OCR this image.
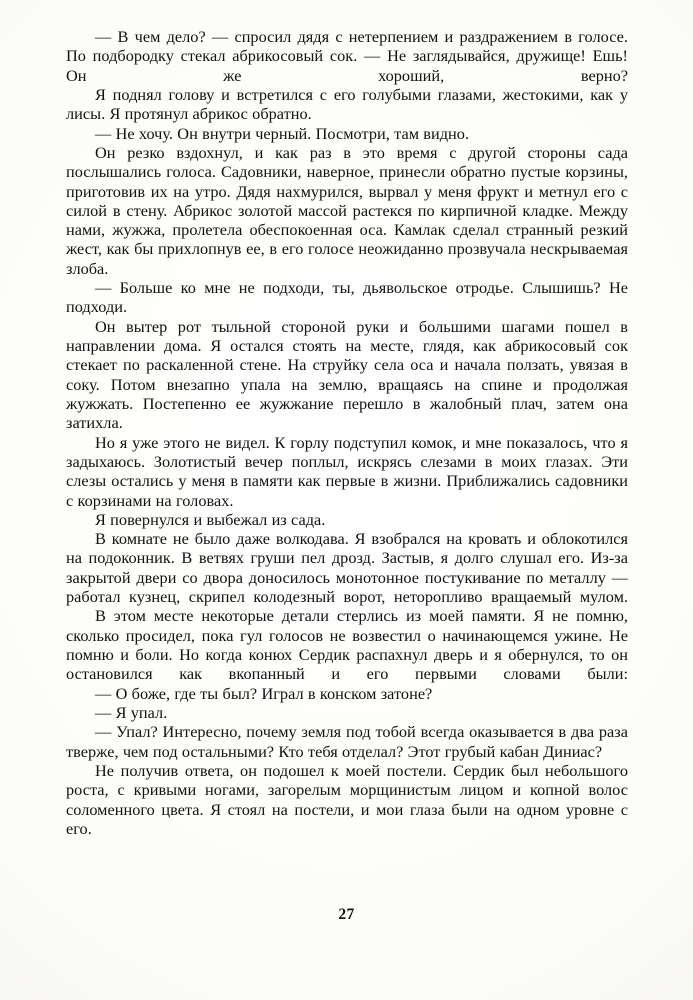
— В чем дело? — спросил дядя с нетерпением и раздражением в голосе. По подбородку стекал абрикосовый сок. — Не заглядывайся, дружище! Ешь! Он же хороший, верно?

Я поднял голову и встретился с его голубыми глазами, жестокими, как у лисы. Я протянул абрикос обратно.

— Не хочу. Он внутри черный. Посмотри, там видно.

Он резко вздохнул, и как раз в это время с другой стороны сада послышались голоса. Садовники, наверное, принесли обратно пустые корзины, приготовив их на утро. Дядя нахмурился, вырвал у меня фрукт и метнул его с силой в стену. Абрикос золотой массой растекся по кирпичной кладке. Между нами, жужжа, пролетела обеспокоенная оса. Камлак сделал странный резкий жест, как бы прихлопнув ее, в его голосе неожиданно прозвучала нескрываемая злоба.

— Больше ко мне не подходи, ты, дьявольское отродье. Слышишь? Не подходи.

Он вытер рот тыльной стороной руки и большими шагами пошел в направлении дома. Я остался стоять на месте, глядя, как абрикосовый сок стекает по раскаленной стене. На струйку села оса и начала ползать, увязая в соку. Потом внезапно упала на землю, вращаясь на спине и продолжая жужжать. Постепенно ее жужжание перешло в жалобный плач, затем она затихла.

Но я уже этого не видел. К горлу подступил комок, и мне показалось, что я задыхаюсь. Золотистый вечер поплыл, искрясь слезами в моих глазах. Эти слезы остались у меня в памяти как первые в жизни. Приближались садовники с корзинами на головах.

Я повернулся и выбежал из сада.

В комнате не было даже волкодава. Я взобрался на кровать и облокотился на подоконник. В ветвях груши пел дрозд. Застыв, я долго слушал его. Из-за закрытой двери со двора доносилось монотонное постукивание по металлу — работал кузнец, скрипел колодезный ворот, неторопливо вращаемый мулом.

В этом месте некоторые детали стерлись из моей памяти. Я не помню, сколько просидел, пока гул голосов не возвестил о начинающемся ужине. Не помню и боли. Но когда конюх Сердик распахнул дверь и я обернулся, то он остановился как вкопанный и его первыми словами были:

— О боже, где ты был? Играл в конском затоне?

— Я упал.

— Упал? Интересно, почему земля под тобой всегда оказывается в два раза тверже, чем под остальными? Кто тебя отделал? Этот грубый кабан Диниас?

Не получив ответа, он подошел к моей постели. Сердик был небольшого роста, с кривыми ногами, загорелым морщинистым лицом и копной волос соломенного цвета. Я стоял на постели, и мои глаза были на одном уровне с его.

27
